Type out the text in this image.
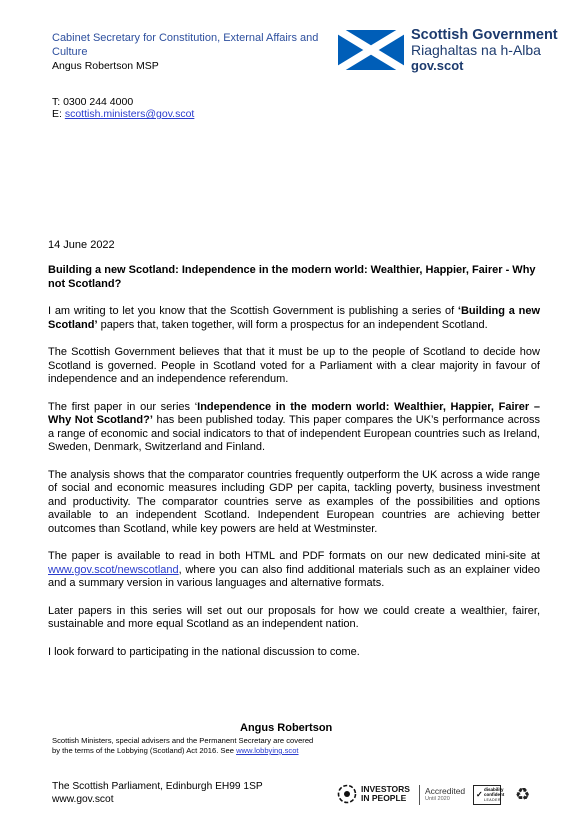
Cabinet Secretary for Constitution, External Affairs and Culture
Angus Robertson MSP
Scottish Government
Riaghaltas na h-Alba
gov.scot
T: 0300 244 4000
E: scottish.ministers@gov.scot
14 June 2022

Building a new Scotland: Independence in the modern world: Wealthier, Happier, Fairer - Why not Scotland?

I am writing to let you know that the Scottish Government is publishing a series of ‘Building a new Scotland’ papers that, taken together, will form a prospectus for an independent Scotland.

The Scottish Government believes that that it must be up to the people of Scotland to decide how Scotland is governed. People in Scotland voted for a Parliament with a clear majority in favour of independence and an independence referendum.

The first paper in our series ‘Independence in the modern world: Wealthier, Happier, Fairer – Why Not Scotland?’ has been published today. This paper compares the UK’s performance across a range of economic and social indicators to that of independent European countries such as Ireland, Sweden, Denmark, Switzerland and Finland.

The analysis shows that the comparator countries frequently outperform the UK across a wide range of social and economic measures including GDP per capita, tackling poverty, business investment and productivity. The comparator countries serve as examples of the possibilities and options available to an independent Scotland. Independent European countries are achieving better outcomes than Scotland, while key powers are held at Westminster.

The paper is available to read in both HTML and PDF formats on our new dedicated mini-site at www.gov.scot/newscotland, where you can also find additional materials such as an explainer video and a summary version in various languages and alternative formats.

Later papers in this series will set out our proposals for how we could create a wealthier, fairer, sustainable and more equal Scotland as an independent nation.

I look forward to participating in the national discussion to come.

Angus Robertson
Scottish Ministers, special advisers and the Permanent Secretary are covered by the terms of the Lobbying (Scotland) Act 2016. See www.lobbying.scot
The Scottish Parliament, Edinburgh EH99 1SP
www.gov.scot
INVESTORS
IN PEOPLE
Accredited
Until 2020	✓
disability
confident
LEADER ♻
